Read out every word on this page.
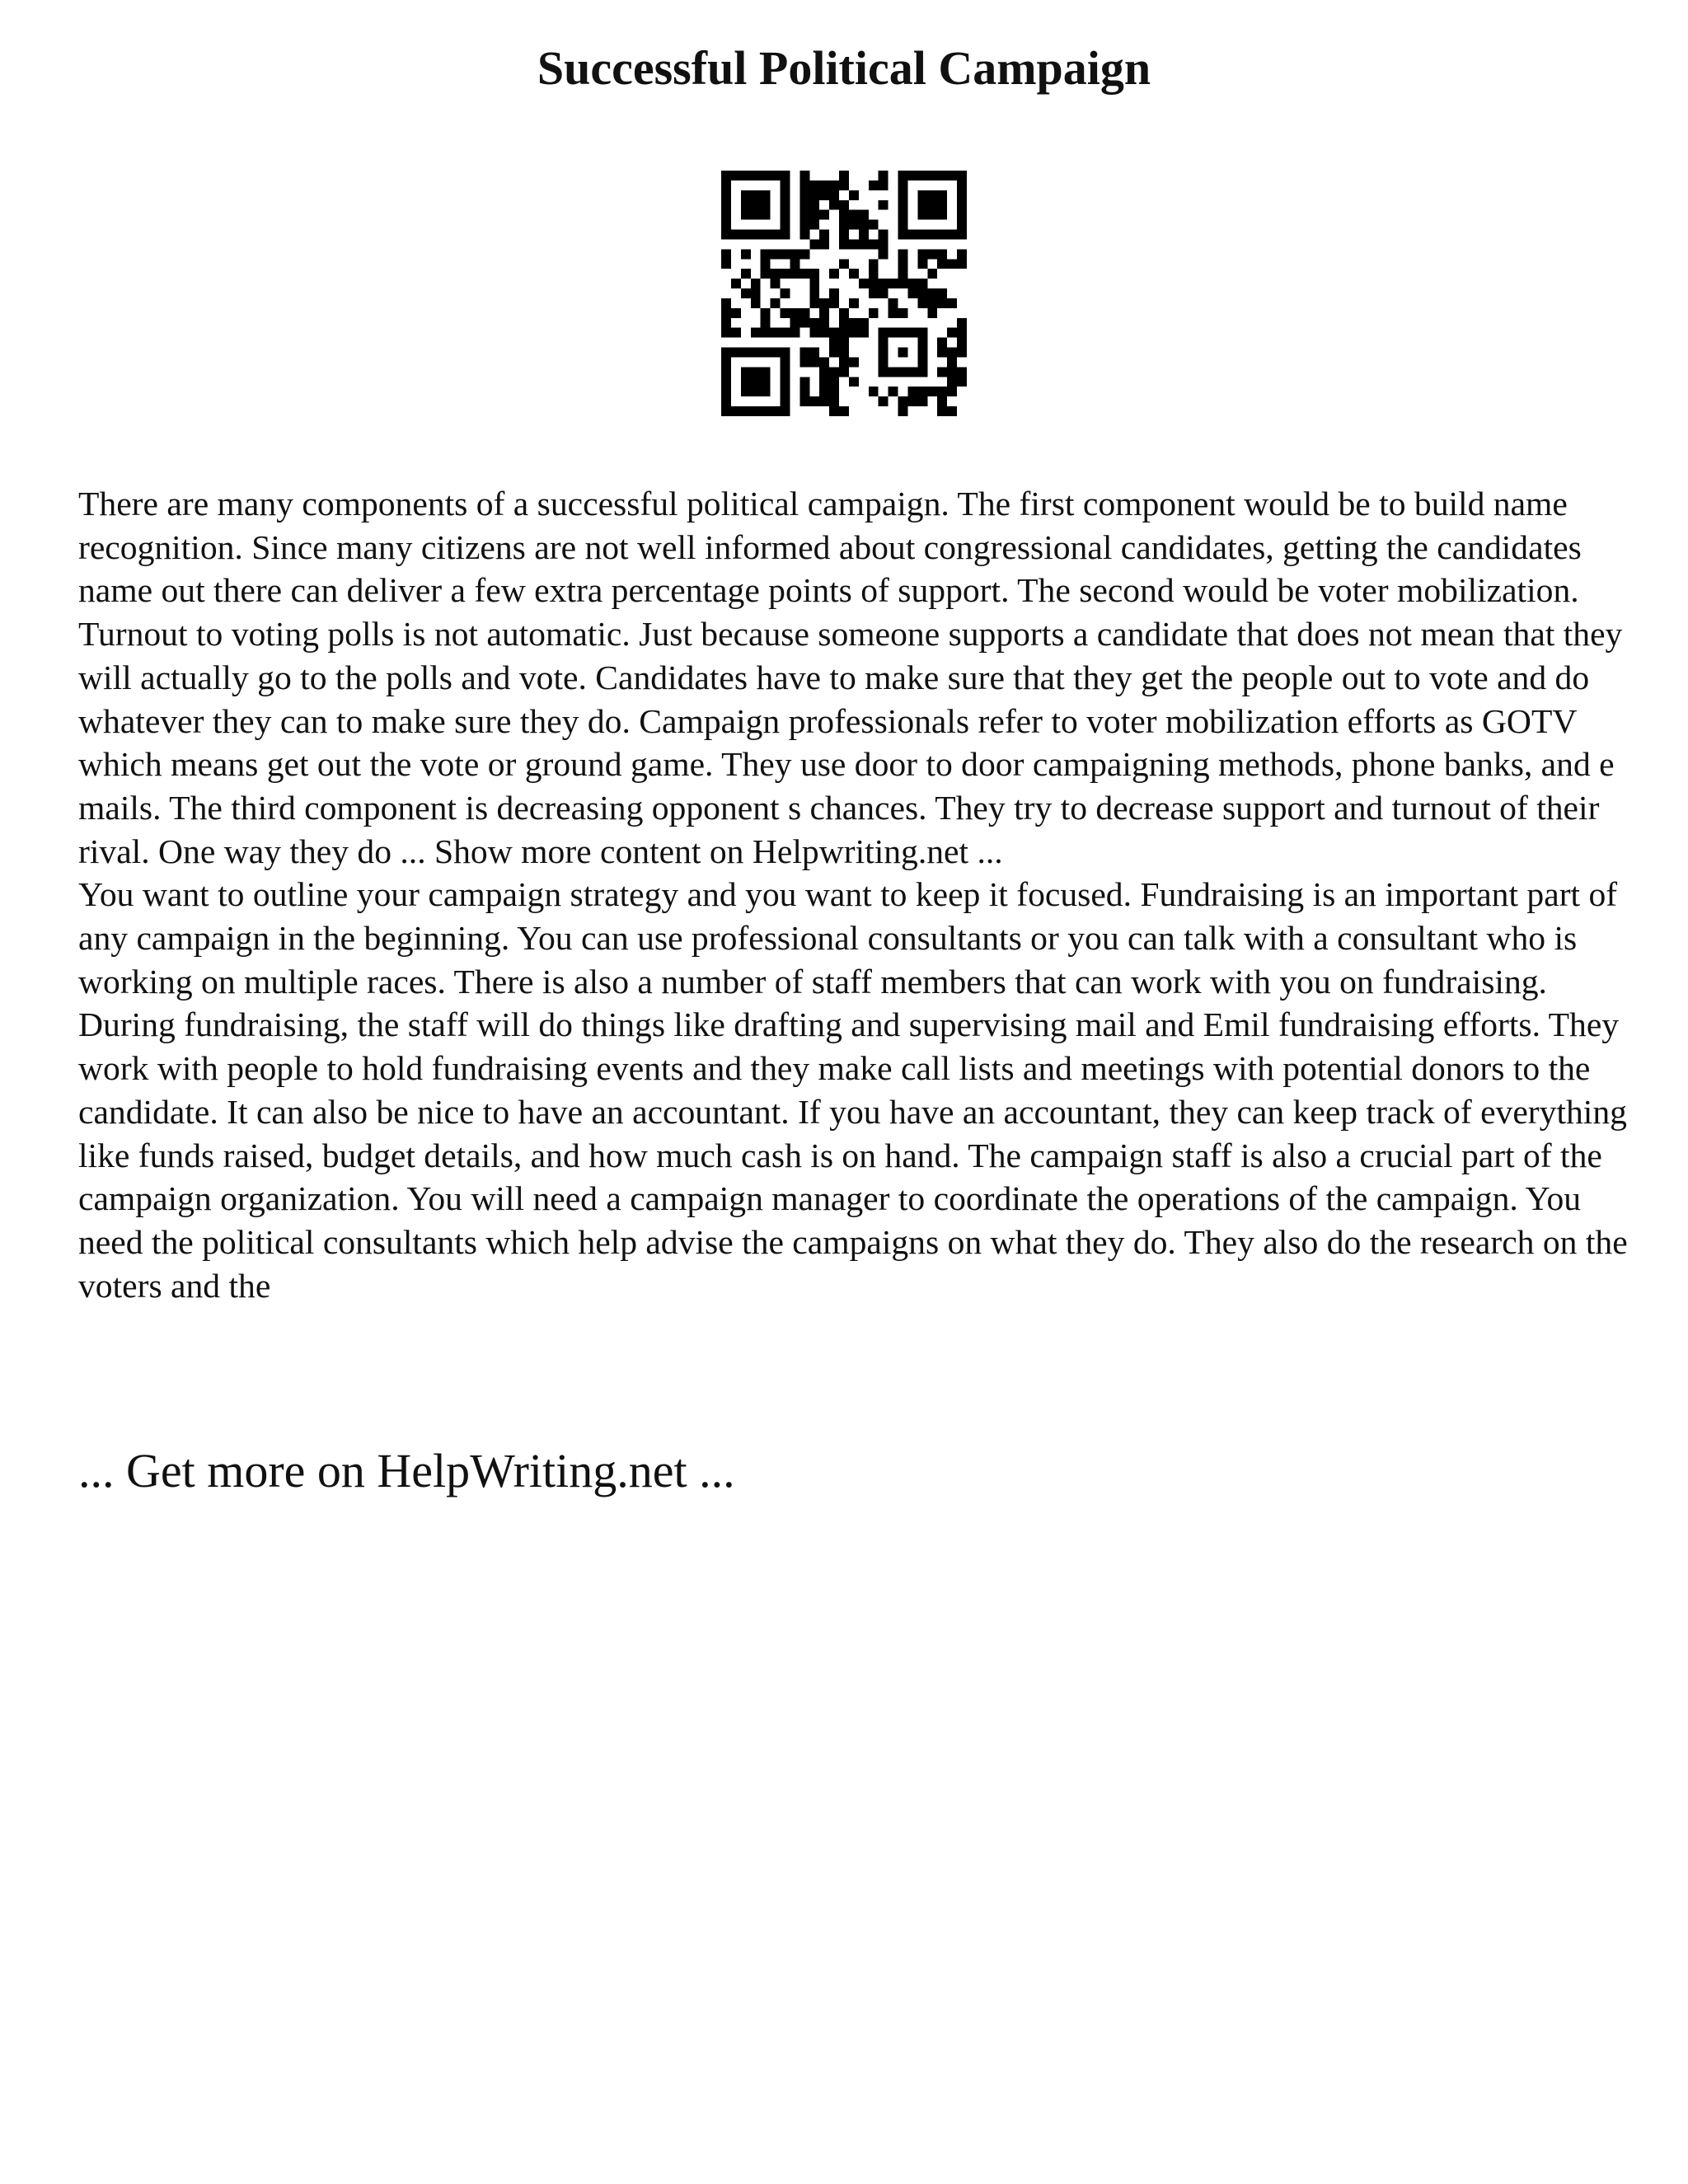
Successful Political Campaign

There are many components of a successful political campaign. The first component would be to build name recognition. Since many citizens are not well informed about congressional candidates, getting the candidates name out there can deliver a few extra percentage points of support. The second would be voter mobilization. Turnout to voting polls is not automatic. Just because someone supports a candidate that does not mean that they will actually go to the polls and vote. Candidates have to make sure that they get the people out to vote and do whatever they can to make sure they do. Campaign professionals refer to voter mobilization efforts as GOTV which means get out the vote or ground game. They use door to door campaigning methods, phone banks, and e mails. The third component is decreasing opponent s chances. They try to decrease support and turnout of their rival. One way they do ... Show more content on Helpwriting.net ...

You want to outline your campaign strategy and you want to keep it focused. Fundraising is an important part of any campaign in the beginning. You can use professional consultants or you can talk with a consultant who is working on multiple races. There is also a number of staff members that can work with you on fundraising. During fundraising, the staff will do things like drafting and supervising mail and Emil fundraising efforts. They work with people to hold fundraising events and they make call lists and meetings with potential donors to the candidate. It can also be nice to have an accountant. If you have an accountant, they can keep track of everything like funds raised, budget details, and how much cash is on hand. The campaign staff is also a crucial part of the campaign organization. You will need a campaign manager to coordinate the operations of the campaign. You need the political consultants which help advise the campaigns on what they do. They also do the research on the voters and the

... Get more on HelpWriting.net ...
